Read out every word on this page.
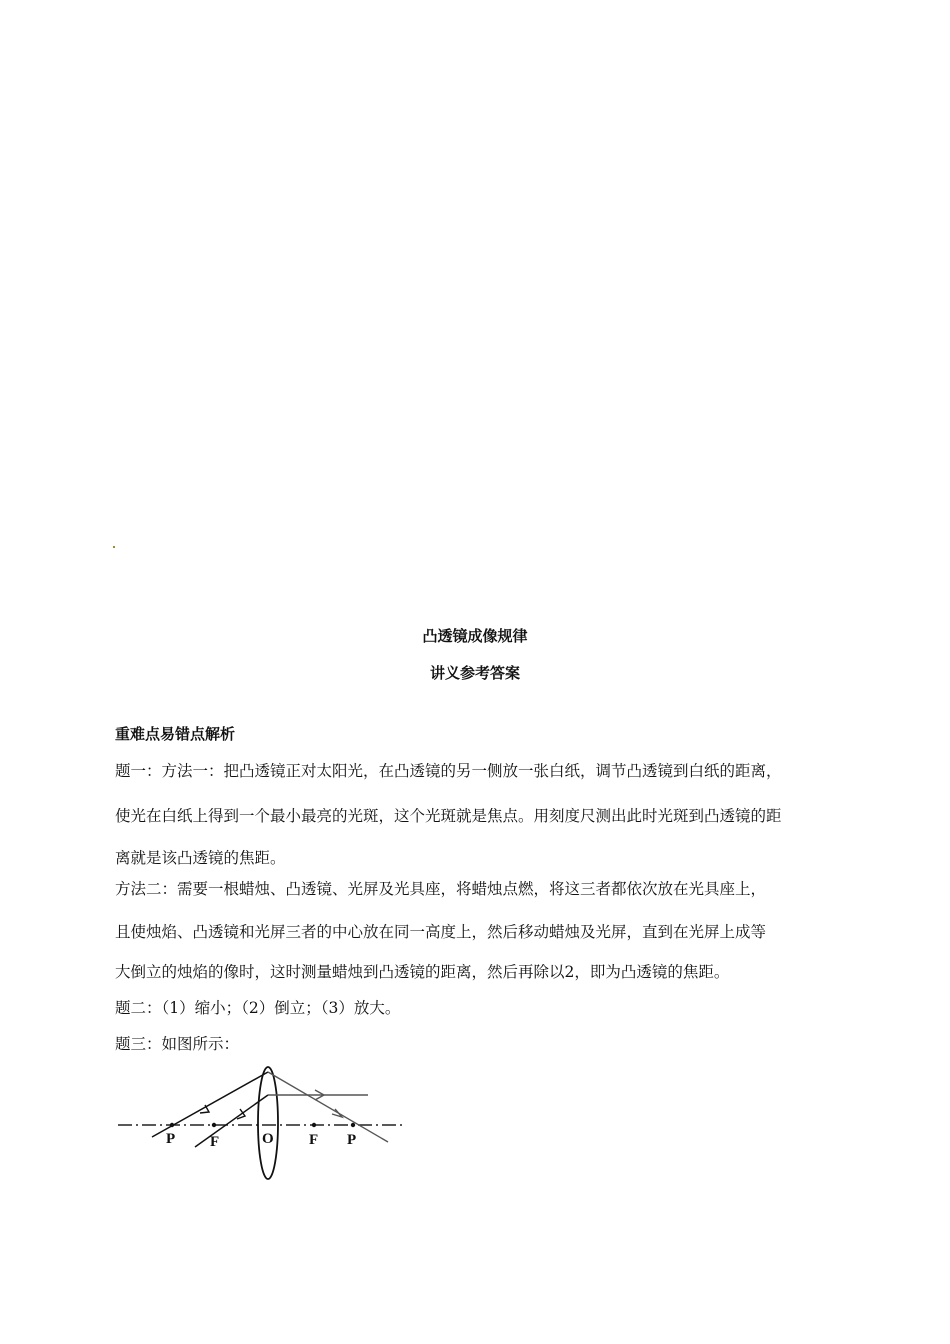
凸透镜成像规律
讲义参考答案
重难点易错点解析
题一：方法一：把凸透镜正对太阳光，在凸透镜的另一侧放一张白纸，调节凸透镜到白纸的距离，
使光在白纸上得到一个最小最亮的光斑，这个光斑就是焦点。用刻度尺测出此时光斑到凸透镜的距
离就是该凸透镜的焦距。
方法二：需要一根蜡烛、凸透镜、光屏及光具座，将蜡烛点燃，将这三者都依次放在光具座上，
且使烛焰、凸透镜和光屏三者的中心放在同一高度上，然后移动蜡烛及光屏，直到在光屏上成等
大倒立的烛焰的像时，这时测量蜡烛到凸透镜的距离，然后再除以2，即为凸透镜的焦距。
题二：（1）缩小；（2）倒立；（3）放大。
题三：如图所示：
P F	O F P
